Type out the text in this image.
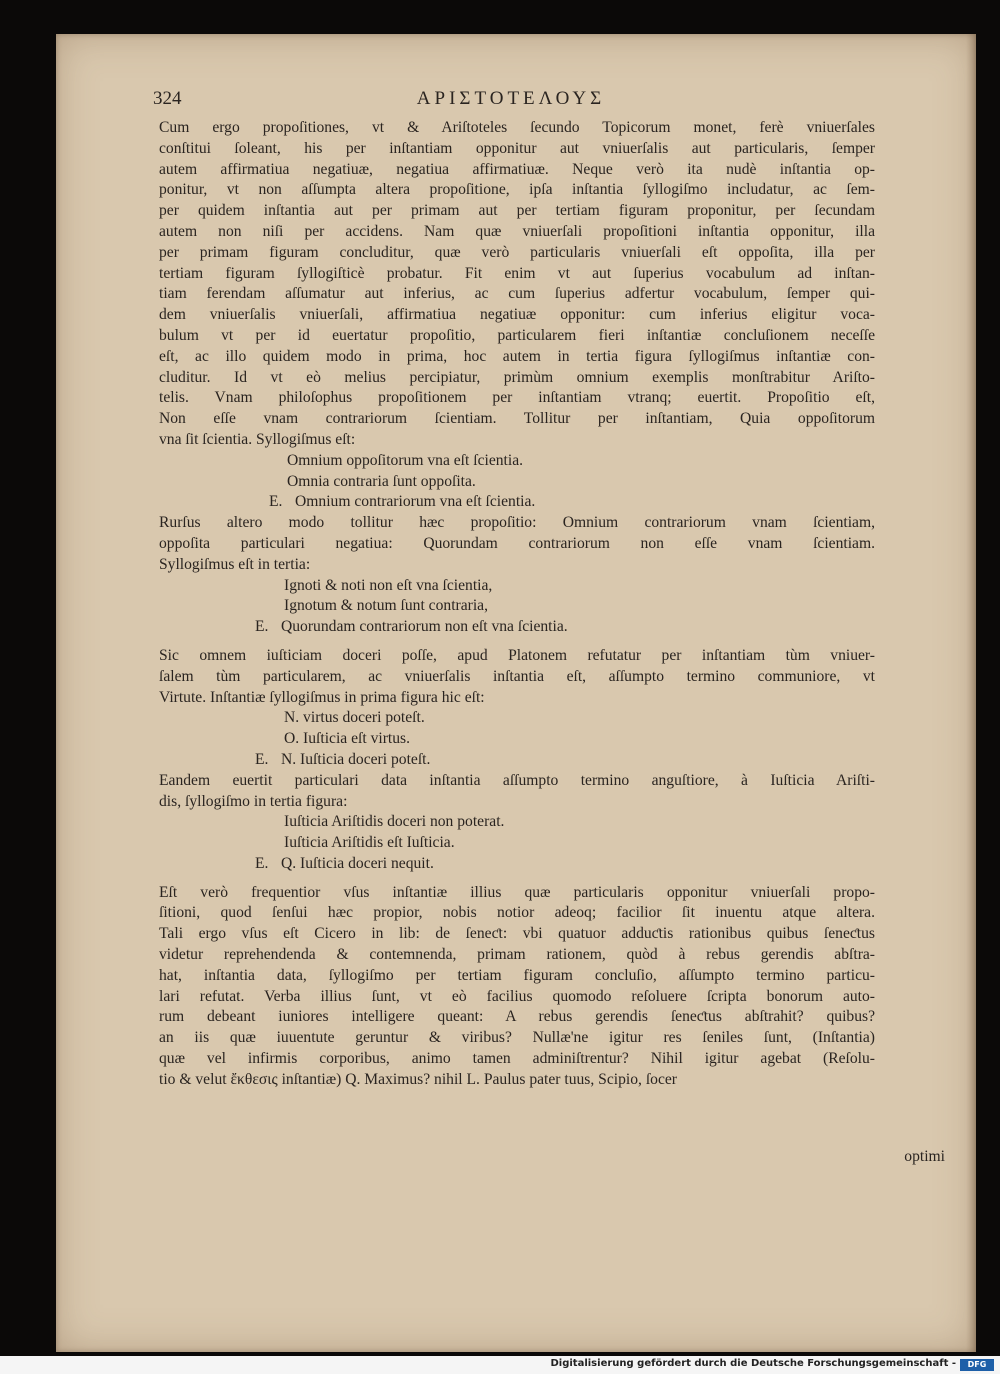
324	ΑΡΙΣΤΟΤΕΛΟΥΣ
Cum ergo propoſitiones, vt & Ariſtoteles ſecundo Topicorum monet, ferè vniuerſales
conſtitui ſoleant, his per inſtantiam opponitur aut vniuerſalis aut particularis, ſemper
autem affirmatiua negatiuæ, negatiua affirmatiuæ. Neque verò ita nudè inſtantia op-
ponitur, vt non aſſumpta altera propoſitione, ipſa inſtantia ſyllogiſmo includatur, ac ſem-
per quidem inſtantia aut per primam aut per tertiam figuram proponitur, per ſecundam
autem non niſi per accidens. Nam quæ vniuerſali propoſitioni inſtantia opponitur, illa
per primam figuram concluditur, quæ verò particularis vniuerſali eſt oppoſita, illa per
tertiam figuram ſyllogiſticè probatur. Fit enim vt aut ſuperius vocabulum ad inſtan-
tiam ferendam aſſumatur aut inferius, ac cum ſuperius adfertur vocabulum, ſemper qui-
dem vniuerſalis vniuerſali, affirmatiua negatiuæ opponitur: cum inferius eligitur voca-
bulum vt per id euertatur propoſitio, particularem fieri inſtantiæ concluſionem neceſſe
eſt, ac illo quidem modo in prima, hoc autem in tertia figura ſyllogiſmus inſtantiæ con-
cluditur. Id vt eò melius percipiatur, primùm omnium exemplis monſtrabitur Ariſto-
telis. Vnam philoſophus propoſitionem per inſtantiam vtranq; euertit. Propoſitio eſt,
Non eſſe vnam contrariorum ſcientiam. Tollitur per inſtantiam, Quia oppoſitorum
vna ſit ſcientia. Syllogiſmus eſt:
Omnium oppoſitorum vna eſt ſcientia.
Omnia contraria ſunt oppoſita.
E. Omnium contrariorum vna eſt ſcientia.
Rurſus altero modo tollitur hæc propoſitio: Omnium contrariorum vnam ſcientiam,
oppoſita particulari negatiua: Quorundam contrariorum non eſſe vnam ſcientiam.
Syllogiſmus eſt in tertia:
Ignoti & noti non eſt vna ſcientia,
Ignotum & notum ſunt contraria,
E. Quorundam contrariorum non eſt vna ſcientia.
Sic omnem iuſticiam doceri poſſe, apud Platonem refutatur per inſtantiam tùm vniuer-
ſalem tùm particularem, ac vniuerſalis inſtantia eſt, aſſumpto termino communiore, vt
Virtute. Inſtantiæ ſyllogiſmus in prima figura hic eſt:
N. virtus doceri poteſt.
O. Iuſticia eſt virtus.
E. N. Iuſticia doceri poteſt.
Eandem euertit particulari data inſtantia aſſumpto termino anguſtiore, à Iuſticia Ariſti-
dis, ſyllogiſmo in tertia figura:
Iuſticia Ariſtidis doceri non poterat.
Iuſticia Ariſtidis eſt Iuſticia.
E. Q. Iuſticia doceri nequit.
Eſt verò frequentior vſus inſtantiæ illius quæ particularis opponitur vniuerſali propo-
ſitioni, quod ſenſui hæc propior, nobis notior adeoq; facilior ſit inuentu atque altera.
Tali ergo vſus eſt Cicero in lib: de ſeneƈt: vbi quatuor adduƈtis rationibus quibus ſeneƈtus
videtur reprehendenda & contemnenda, primam rationem, quòd à rebus gerendis abſtra-
hat, inſtantia data, ſyllogiſmo per tertiam figuram concluſio, aſſumpto termino particu-
lari refutat. Verba illius ſunt, vt eò facilius quomodo reſoluere ſcripta bonorum auto-
rum debeant iuniores intelligere queant: A rebus gerendis ſeneƈtus abſtrahit? quibus?
an iis quæ iuuentute geruntur & viribus? Nullæ'ne igitur res ſeniles ſunt, (Inſtantia)
quæ vel infirmis corporibus, animo tamen adminiſtrentur? Nihil igitur agebat (Reſolu-
tio & velut ἔκθεσις inſtantiæ) Q. Maximus? nihil L. Paulus pater tuus, Scipio, ſocer
optimi
Digitalisierung gefördert durch die Deutsche Forschungsgemeinschaft -	DFG
